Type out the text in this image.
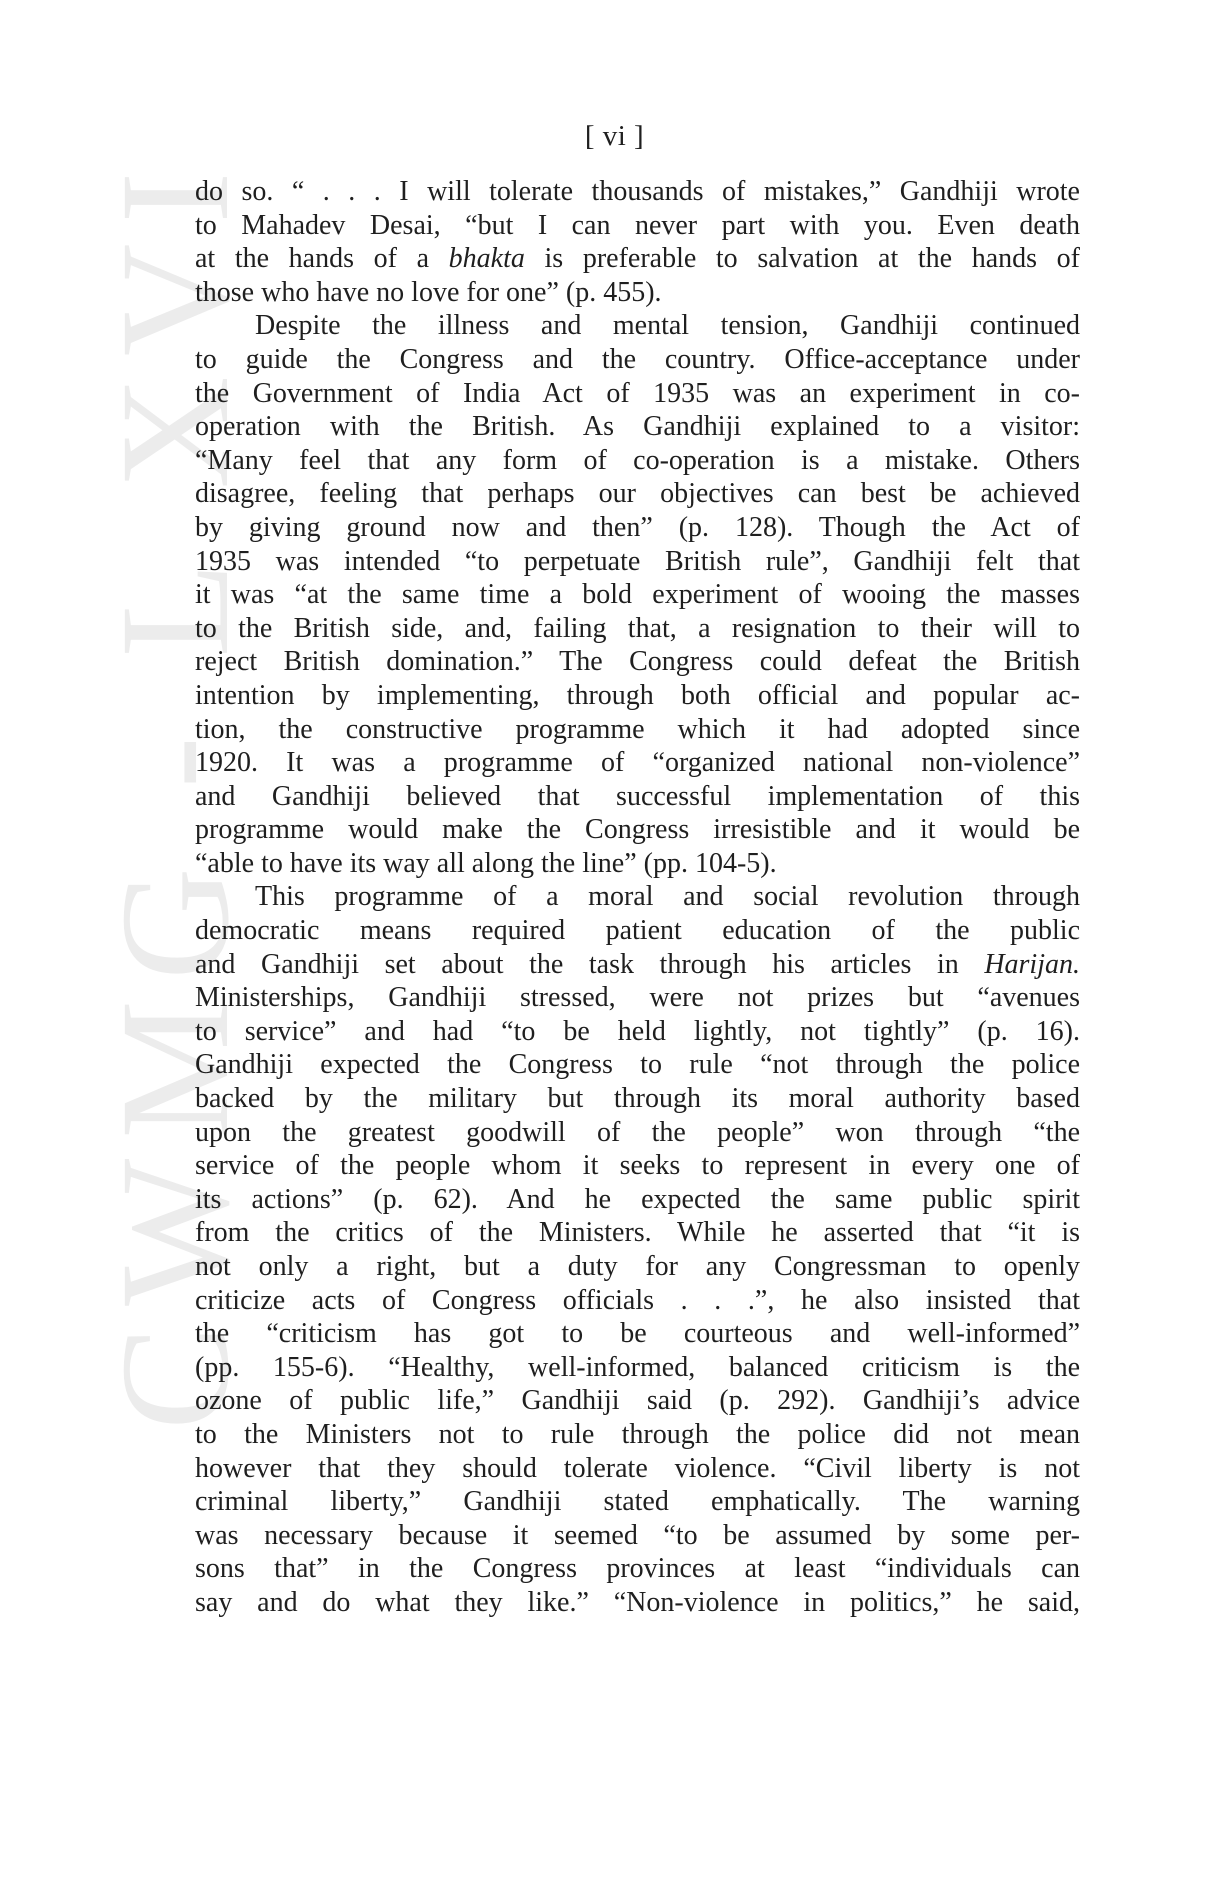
CWMG - L XVI
[ vi ]
do so. “ . . . I will tolerate thousands of mistakes,” Gandhiji wrote
to Mahadev Desai, “but I can never part with you. Even death
at the hands of a bhakta is preferable to salvation at the hands of
those who have no love for one” (p. 455).
Despite the illness and mental tension, Gandhiji continued
to guide the Congress and the country. Office-acceptance under
the Government of India Act of 1935 was an experiment in co-
operation with the British. As Gandhiji explained to a visitor:
“Many feel that any form of co-operation is a mistake. Others
disagree, feeling that perhaps our objectives can best be achieved
by giving ground now and then” (p. 128). Though the Act of
1935 was intended “to perpetuate British rule”, Gandhiji felt that
it was “at the same time a bold experiment of wooing the masses
to the British side, and, failing that, a resignation to their will to
reject British domination.” The Congress could defeat the British
intention by implementing, through both official and popular ac-
tion, the constructive programme which it had adopted since
1920. It was a programme of “organized national non-violence”
and Gandhiji believed that successful implementation of this
programme would make the Congress irresistible and it would be
“able to have its way all along the line” (pp. 104-5).
This programme of a moral and social revolution through
democratic means required patient education of the public
and Gandhiji set about the task through his articles in Harijan.
Ministerships, Gandhiji stressed, were not prizes but “avenues
to service” and had “to be held lightly, not tightly” (p. 16).
Gandhiji expected the Congress to rule “not through the police
backed by the military but through its moral authority based
upon the greatest goodwill of the people” won through “the
service of the people whom it seeks to represent in every one of
its actions” (p. 62). And he expected the same public spirit
from the critics of the Ministers. While he asserted that “it is
not only a right, but a duty for any Congressman to openly
criticize acts of Congress officials . . .”, he also insisted that
the “criticism has got to be courteous and well-informed”
(pp. 155-6). “Healthy, well-informed, balanced criticism is the
ozone of public life,” Gandhiji said (p. 292). Gandhiji’s advice
to the Ministers not to rule through the police did not mean
however that they should tolerate violence. “Civil liberty is not
criminal liberty,” Gandhiji stated emphatically. The warning
was necessary because it seemed “to be assumed by some per-
sons that” in the Congress provinces at least “individuals can
say and do what they like.” “Non-violence in politics,” he said,
